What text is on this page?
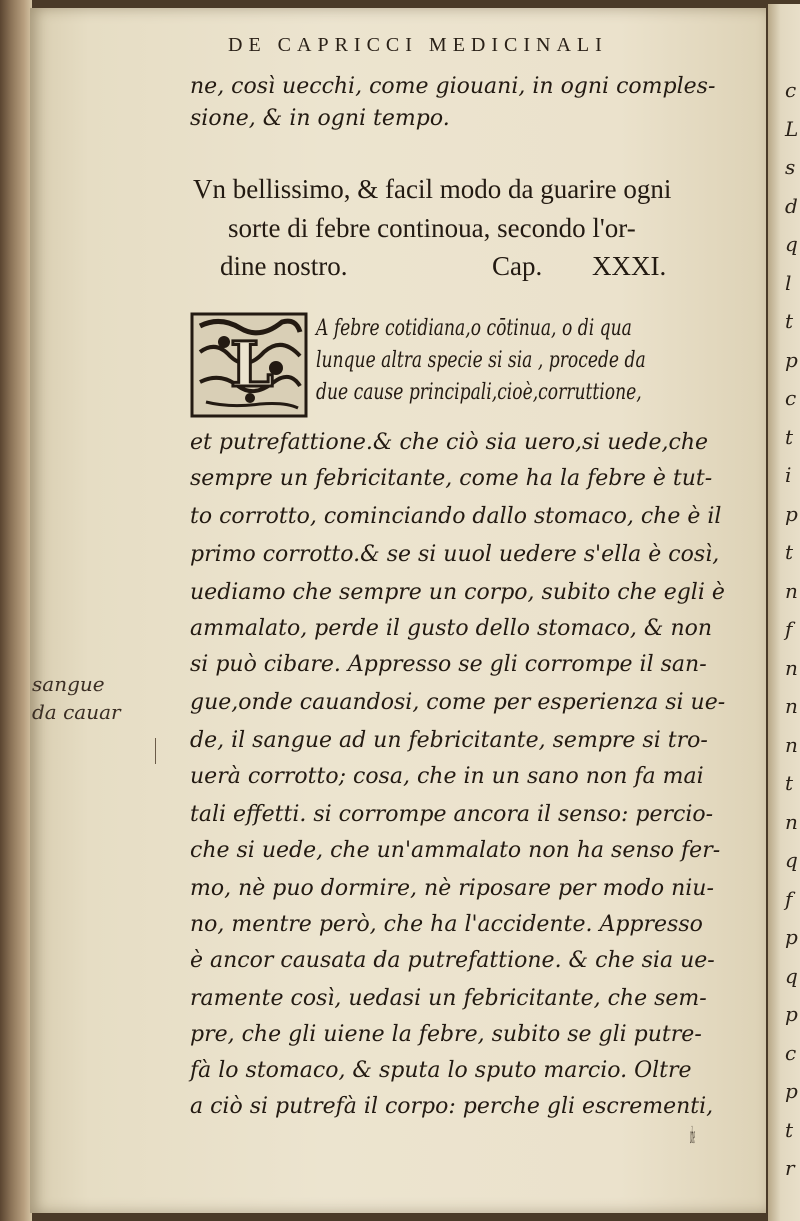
c
L
s
d
q
l
t
p
c
t
i
p
t
n
f
n
n
n
t
n
q
f
p
q
p
c
p
t
r
DE CAPRICCI MEDICINALI
ne, così uecchi, come giouani, in ogni comples-
sione, & in ogni tempo.
Vn bellissimo, & facil modo da guarire ogni
sorte di febre continoua, secondo l'or-
dine nostro.	Cap. XXXI.
L A febre cotidiana,o cōtinua, o di qua
lunque altra specie si sia , procede da
due cause principali,cioè,corruttione,
et putrefattione.& che ciò sia uero,si uede,che
sempre un febricitante, come ha la febre è tut-
to corrotto, cominciando dallo stomaco, che è il
primo corrotto.& se si uuol uedere s'ella è così,
uediamo che sempre un corpo, subito che egli è
ammalato, perde il gusto dello stomaco, & non
si può cibare. Appresso se gli corrompe il san-
gue,onde cauandosi, come per esperienza si ue-
de, il sangue ad un febricitante, sempre si tro-
uerà corrotto; cosa, che in un sano non fa mai
tali effetti. si corrompe ancora il senso: percio-
che si uede, che un'ammalato non ha senso fer-
mo, nè puo dormire, nè riposare per modo niu-
no, mentre però, che ha l'accidente. Appresso
è ancor causata da putrefattione. & che sia ue-
ramente così, uedasi un febricitante, che sem-
pre, che gli uiene la febre, subito se gli putre-
fà lo stomaco, & sputa lo sputo marcio. Oltre
a ciò si putrefà il corpo: perche gli escrementi,
che
sangue
da cauar
